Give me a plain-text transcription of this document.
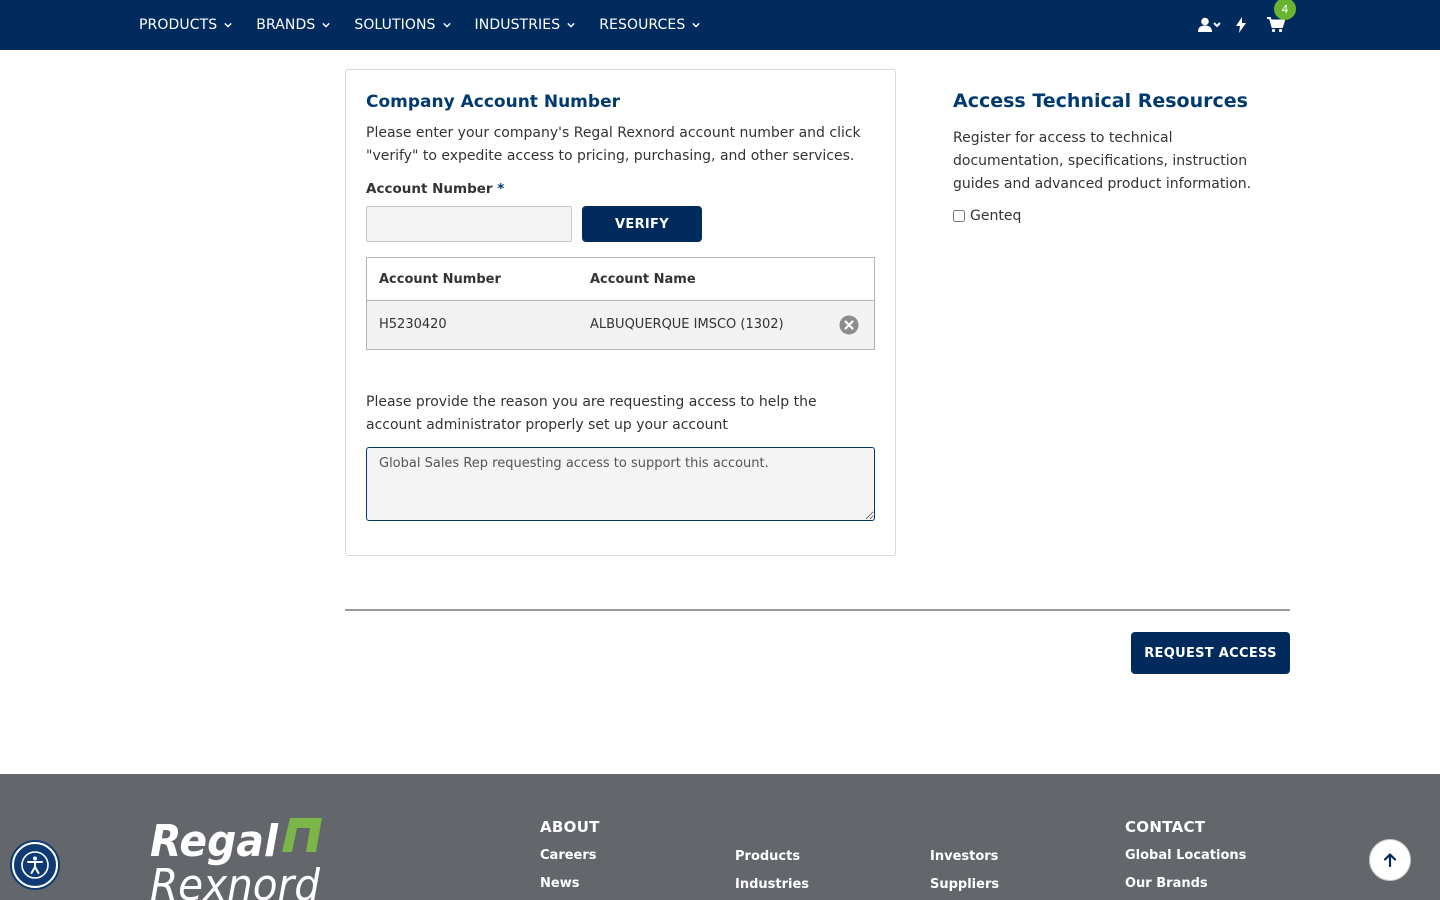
PRODUCTS	BRANDS	SOLUTIONS	INDUSTRIES	RESOURCES
4
Company Account Number
Please enter your company's Regal Rexnord account number and click "verify" to expedite access to pricing, purchasing, and other services.
Account Number *
VERIFY
Account Number	Account Name
H5230420	ALBUQUERQUE IMSCO (1302)
Please provide the reason you are requesting access to help the account administrator properly set up your account
Global Sales Rep requesting access to support this account.
Access Technical Resources
Register for access to technical documentation, specifications, instruction guides and advanced product information.
Genteq
REQUEST ACCESS
Regal
Rexnord
ABOUT
Careers
News
Products
Industries
Investors
Suppliers
CONTACT
Global Locations
Our Brands
